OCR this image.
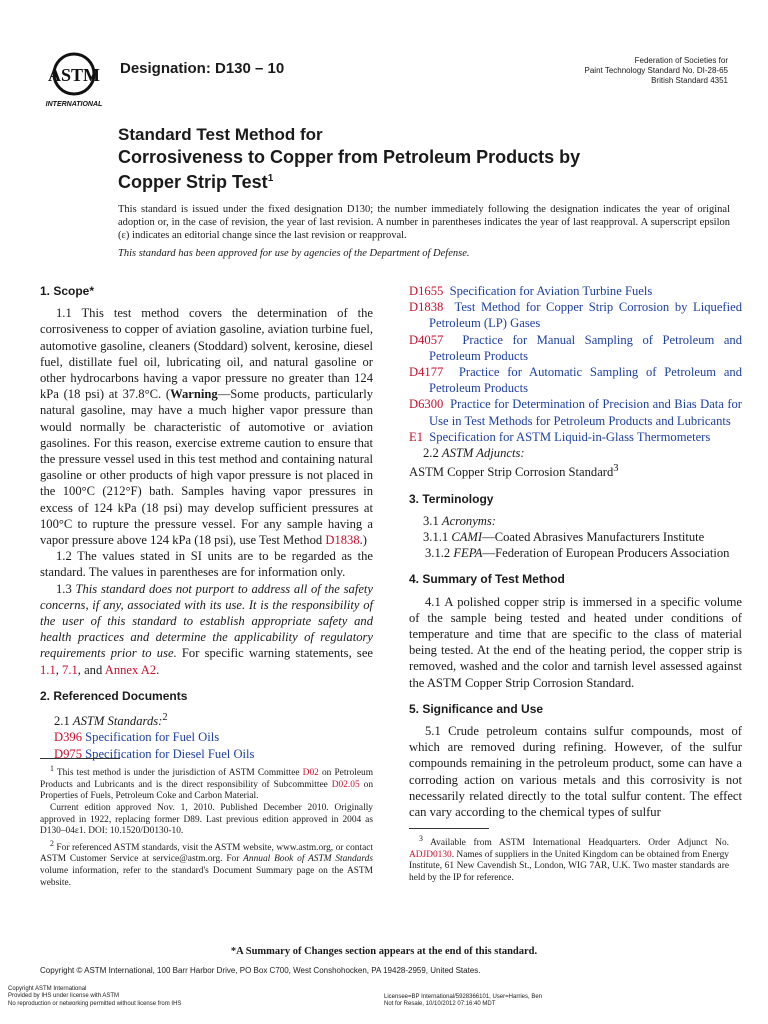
ASTM
INTERNATIONAL
Designation: D130 – 10	Federation of Societies for
Paint Technology Standard No. DI-28-65
British Standard 4351
Standard Test Method for
Corrosiveness to Copper from Petroleum Products by
Copper Strip Test$^1$
This standard is issued under the fixed designation D130; the number immediately following the designation indicates the year of original adoption or, in the case of revision, the year of last revision. A number in parentheses indicates the year of last reapproval. A superscript epsilon (ε) indicates an editorial change since the last revision or reapproval.
This standard has been approved for use by agencies of the Department of Defense.
1. Scope*

1.1 This test method covers the determination of the corrosiveness to copper of aviation gasoline, aviation turbine fuel, automotive gasoline, cleaners (Stoddard) solvent, kerosine, diesel fuel, distillate fuel oil, lubricating oil, and natural gasoline or other hydrocarbons having a vapor pressure no greater than 124 kPa (18 psi) at 37.8°C. (Warning—Some products, particularly natural gasoline, may have a much higher vapor pressure than would normally be characteristic of automotive or aviation gasolines. For this reason, exercise extreme caution to ensure that the pressure vessel used in this test method and containing natural gasoline or other products of high vapor pressure is not placed in the 100°C (212°F) bath. Samples having vapor pressures in excess of 124 kPa (18 psi) may develop sufficient pressures at 100°C to rupture the pressure vessel. For any sample having a vapor pressure above 124 kPa (18 psi), use Test Method D1838.)

1.2 The values stated in SI units are to be regarded as the standard. The values in parentheses are for information only.

1.3 This standard does not purport to address all of the safety concerns, if any, associated with its use. It is the responsibility of the user of this standard to establish appropriate safety and health practices and determine the applicability of regulatory requirements prior to use. For specific warning statements, see 1.1, 7.1, and Annex A2.

2. Referenced Documents

2.1 ASTM Standards:$^2$

D396 Specification for Fuel Oils
D975 Specification for Diesel Fuel Oils

$^1$ This test method is under the jurisdiction of ASTM Committee D02 on Petroleum Products and Lubricants and is the direct responsibility of Subcommittee D02.05 on Properties of Fuels, Petroleum Coke and Carbon Material.

Current edition approved Nov. 1, 2010. Published December 2010. Originally approved in 1922, replacing former D89. Last previous edition approved in 2004 as D130–04ε1. DOI: 10.1520/D0130-10.

$^2$ For referenced ASTM standards, visit the ASTM website, www.astm.org, or contact ASTM Customer Service at service@astm.org. For Annual Book of ASTM Standards volume information, refer to the standard's Document Summary page on the ASTM website.

D1655 Specification for Aviation Turbine Fuels
D1838 Test Method for Copper Strip Corrosion by Liquefied Petroleum (LP) Gases
D4057 Practice for Manual Sampling of Petroleum and Petroleum Products
D4177 Practice for Automatic Sampling of Petroleum and Petroleum Products
D6300 Practice for Determination of Precision and Bias Data for Use in Test Methods for Petroleum Products and Lubricants
E1 Specification for ASTM Liquid-in-Glass Thermometers

2.2 ASTM Adjuncts:

ASTM Copper Strip Corrosion Standard$^3$
3. Terminology

3.1 Acronyms:

3.1.1 CAMI—Coated Abrasives Manufacturers Institute

3.1.2 FEPA—Federation of European Producers Association

4. Summary of Test Method

4.1 A polished copper strip is immersed in a specific volume of the sample being tested and heated under conditions of temperature and time that are specific to the class of material being tested. At the end of the heating period, the copper strip is removed, washed and the color and tarnish level assessed against the ASTM Copper Strip Corrosion Standard.

5. Significance and Use

5.1 Crude petroleum contains sulfur compounds, most of which are removed during refining. However, of the sulfur compounds remaining in the petroleum product, some can have a corroding action on various metals and this corrosivity is not necessarily related directly to the total sulfur content. The effect can vary according to the chemical types of sulfur

$^3$ Available from ASTM International Headquarters. Order Adjunct No. ADJD0130. Names of suppliers in the United Kingdom can be obtained from Energy Institute, 61 New Cavendish St., London, WIG 7AR, U.K. Two master standards are held by the IP for reference.

*A Summary of Changes section appears at the end of this standard.
Copyright © ASTM International, 100 Barr Harbor Drive, PO Box C700, West Conshohocken, PA 19428-2959, United States.
Copyright ASTM International
Provided by IHS under license with ASTM
No reproduction or networking permitted without license from IHS
Licensee=BP International/5928366101, User=Harries, Ben
Not for Resale, 10/10/2012 07:16:40 MDT
